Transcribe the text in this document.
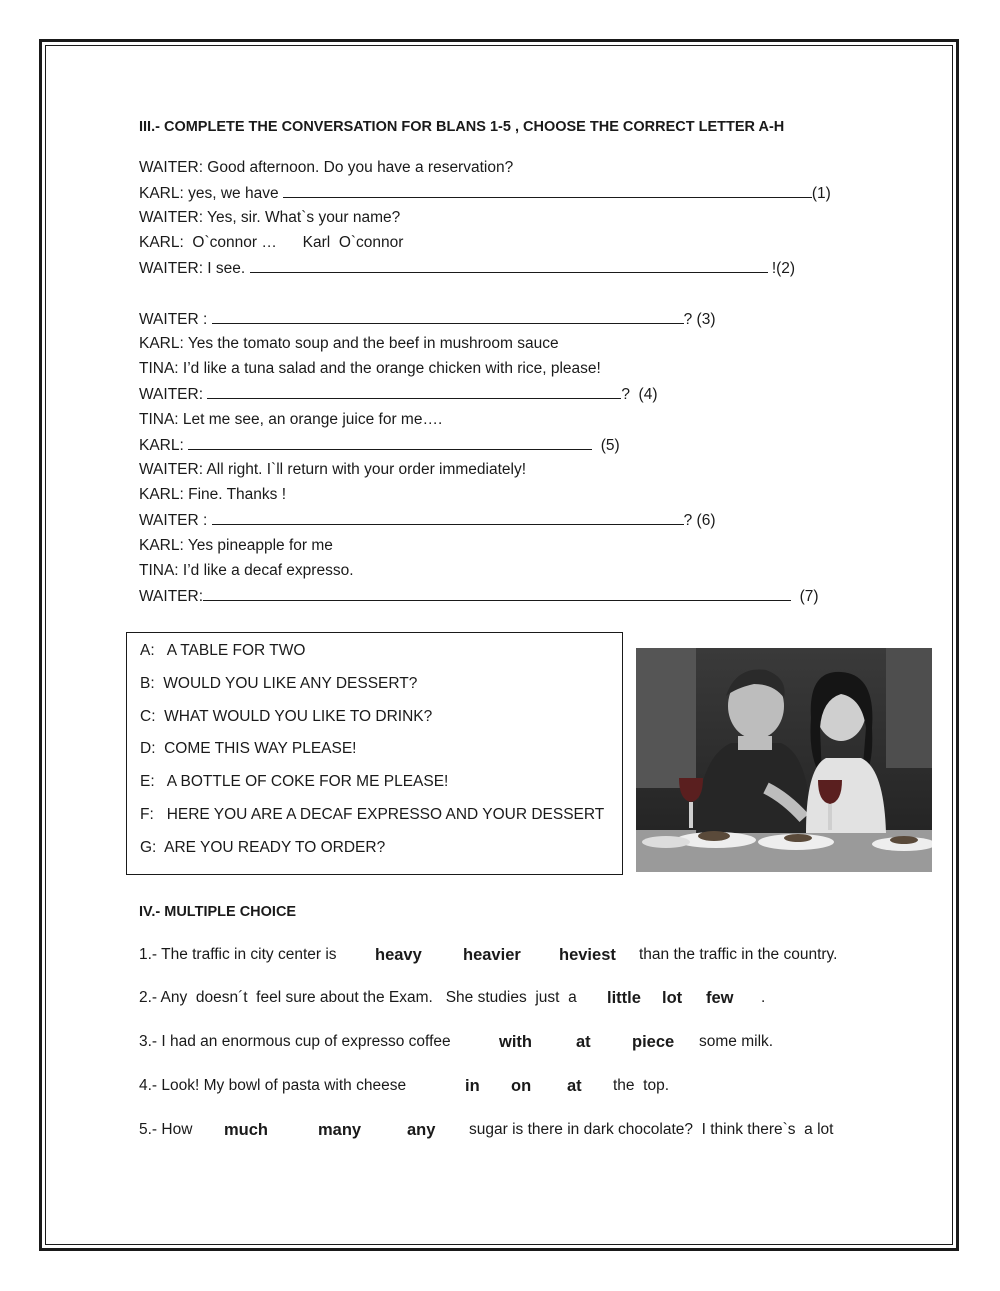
III.- COMPLETE THE CONVERSATION FOR BLANS 1-5 , CHOOSE THE CORRECT LETTER A-H
WAITER: Good afternoon. Do you have a reservation?
KARL: yes, we have	(1)
WAITER: Yes, sir. What`s your name?
KARL:  O`connor …      Karl  O`connor
WAITER: I see.	!(2)
WAITER :	? (3)
KARL: Yes the tomato soup and the beef in mushroom sauce
TINA: I’d like a tuna salad and the orange chicken with rice, please!
WAITER:	?  (4)
TINA: Let me see, an orange juice for me….
KARL:	(5)
WAITER: All right. I`ll return with your order immediately!
KARL: Fine. Thanks !
WAITER :	? (6)
KARL: Yes pineapple for me
TINA: I’d like a decaf expresso.
WAITER:	(7)
A:   A TABLE FOR TWO
B:  WOULD YOU LIKE ANY DESSERT?
C:  WHAT WOULD YOU LIKE TO DRINK?
D:  COME THIS WAY PLEASE!
E:   A BOTTLE OF COKE FOR ME PLEASE!
F:   HERE YOU ARE A DECAF EXPRESSO AND YOUR DESSERT
G:  ARE YOU READY TO ORDER?
IV.- MULTIPLE CHOICE
1.- The traffic in city center is heavy heavier heviest than the traffic in the country.
2.- Any  doesn´t  feel sure about the Exam.   She studies  just  a little lot few .
3.- I had an enormous cup of expresso coffee	with	at	piece some milk.
4.- Look! My bowl of pasta with cheese	in on at the  top.
5.- How much	many	any sugar is there in dark chocolate?  I think there`s  a lot
